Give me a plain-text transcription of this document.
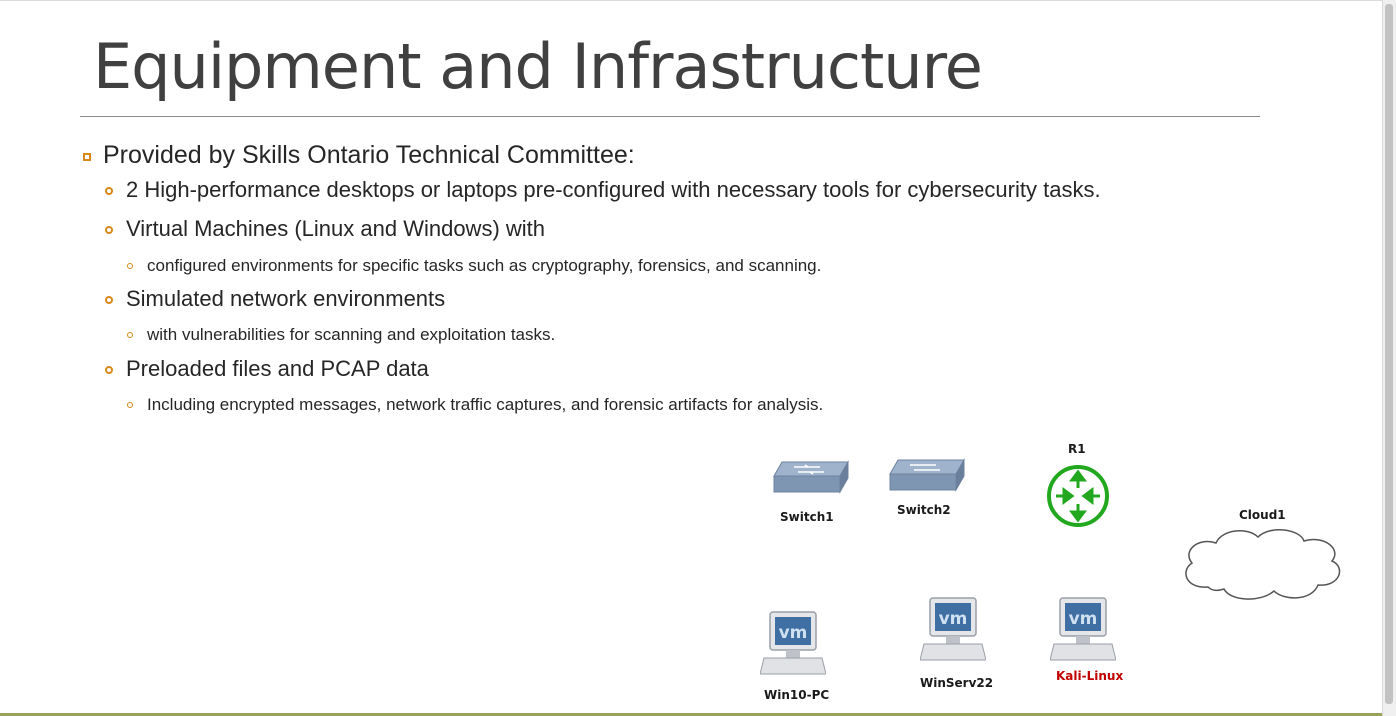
Equipment and Infrastructure
Provided by Skills Ontario Technical Committee:
2 High-performance desktops or laptops pre-configured with necessary tools for cybersecurity tasks.
Virtual Machines (Linux and Windows) with
configured environments for specific tasks such as cryptography, forensics, and scanning.
Simulated network environments
with vulnerabilities for scanning and exploitation tasks.
Preloaded files and PCAP data
Including encrypted messages, network traffic captures, and forensic artifacts for analysis.
Switch1	Switch2
R1
Cloud1
vm
Win10-PC
vm
WinServ22
vm
Kali-Linux
